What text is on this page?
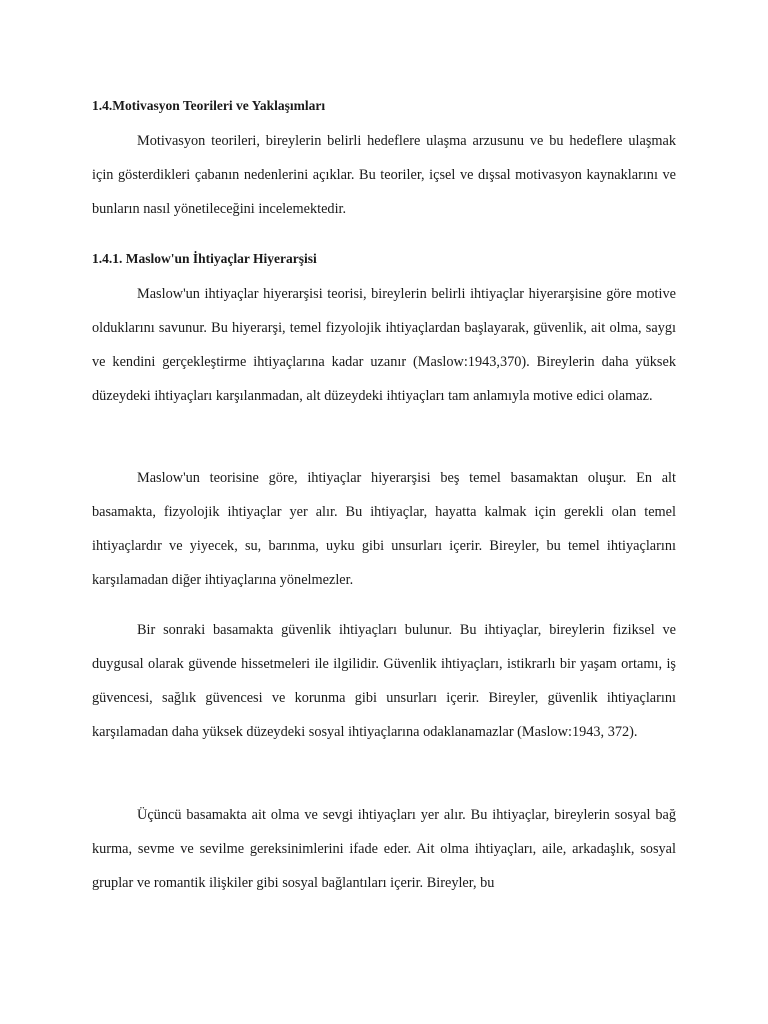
1.4.Motivasyon Teorileri ve Yaklaşımları

Motivasyon teorileri, bireylerin belirli hedeflere ulaşma arzusunu ve bu hedeflere ulaşmak için gösterdikleri çabanın nedenlerini açıklar. Bu teoriler, içsel ve dışsal motivasyon kaynaklarını ve bunların nasıl yönetileceğini incelemektedir.

1.4.1. Maslow'un İhtiyaçlar Hiyerarşisi

Maslow'un ihtiyaçlar hiyerarşisi teorisi, bireylerin belirli ihtiyaçlar hiyerarşisine göre motive olduklarını savunur. Bu hiyerarşi, temel fizyolojik ihtiyaçlardan başlayarak, güvenlik, ait olma, saygı ve kendini gerçekleştirme ihtiyaçlarına kadar uzanır (Maslow:1943,370). Bireylerin daha yüksek düzeydeki ihtiyaçları karşılanmadan, alt düzeydeki ihtiyaçları tam anlamıyla motive edici olamaz.

Maslow'un teorisine göre, ihtiyaçlar hiyerarşisi beş temel basamaktan oluşur. En alt basamakta, fizyolojik ihtiyaçlar yer alır. Bu ihtiyaçlar, hayatta kalmak için gerekli olan temel ihtiyaçlardır ve yiyecek, su, barınma, uyku gibi unsurları içerir. Bireyler, bu temel ihtiyaçlarını karşılamadan diğer ihtiyaçlarına yönelmezler.

Bir sonraki basamakta güvenlik ihtiyaçları bulunur. Bu ihtiyaçlar, bireylerin fiziksel ve duygusal olarak güvende hissetmeleri ile ilgilidir. Güvenlik ihtiyaçları, istikrarlı bir yaşam ortamı, iş güvencesi, sağlık güvencesi ve korunma gibi unsurları içerir. Bireyler, güvenlik ihtiyaçlarını karşılamadan daha yüksek düzeydeki sosyal ihtiyaçlarına odaklanamazlar (Maslow:1943, 372).

Üçüncü basamakta ait olma ve sevgi ihtiyaçları yer alır. Bu ihtiyaçlar, bireylerin sosyal bağ kurma, sevme ve sevilme gereksinimlerini ifade eder. Ait olma ihtiyaçları, aile, arkadaşlık, sosyal gruplar ve romantik ilişkiler gibi sosyal bağlantıları içerir. Bireyler, bu
